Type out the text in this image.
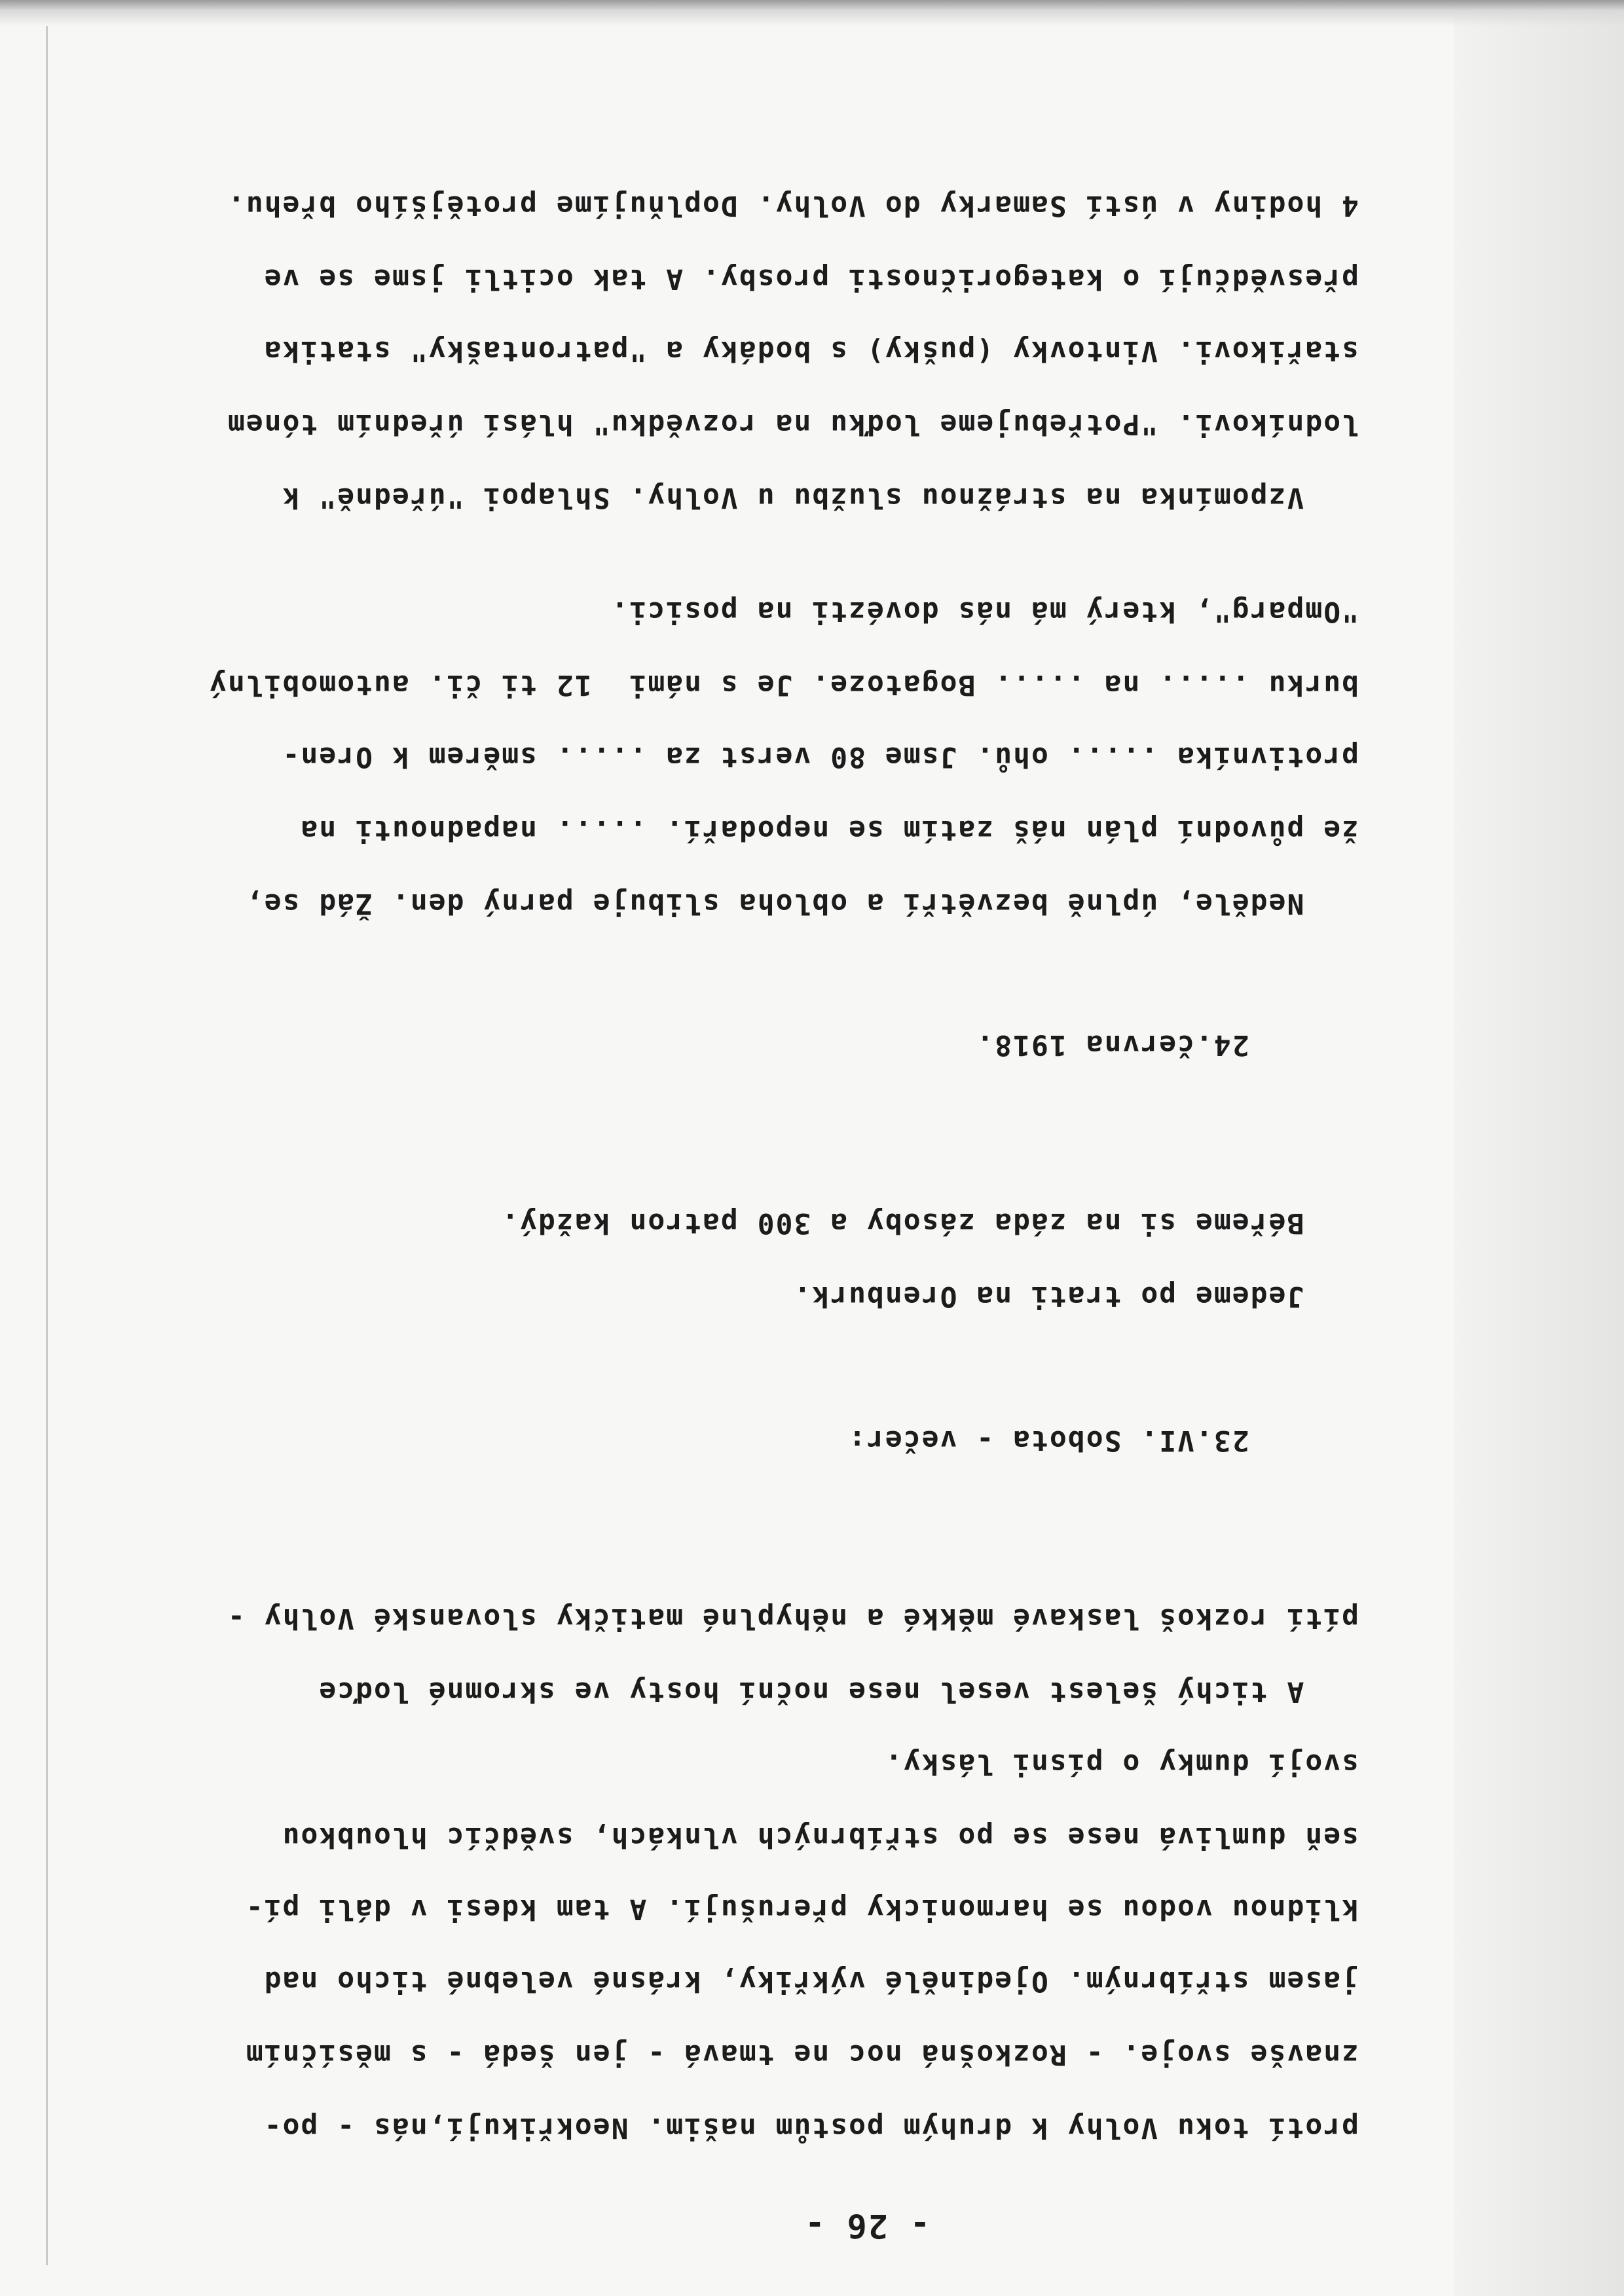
- 26 -

protí toku Volhy k druhým postům našim. Neokřikují,nás - po-

znavše svoje. - Rozkošná noc ne tmavá - jen šedá - s měsíčním

jasem stříbrným. Ojedinělé výkřiky, krásné velebné ticho nad

klidnou vodou se harmonicky přerušují. A tam kdesi v dáli pí-

seň dumlivá nese se po stříbrných vlnkách, svědčíc hloubkou

svojí dumky o písni lásky.

A tichý šelest vesel nese noční hosty ve skromné loďce

pítí rozkoš laskavé měkké a něhyplné matičky slovanské Volhy -

23.VI. Sobota - večer:

Jedeme po trati na Orenburk.

Béřeme si na záda zásoby a 300 patron každý.

24.června 1918.

Neděle, úplně bezvětří a obloha slibuje parný den. Žád se,

že původní plán náš zatím se nepodaří. ..... napadnouti na

protivníka ..... ohů. Jsme 80 verst za ..... směrem k Oren-

burku ..... na ..... Bogatoze. Je s námi  12 ti či. automobilný

"Omparg", který má nás dovézti na posici.

Vzpomínka na strážnou službu u Volhy. Shlapoi "úředně" k

lodníkovi. "Potřebujeme loďku na rozvědku" hlásí úředním tónem

stařikovi. Vintovky (pušky) s bodáky a "patrontašky" statika

přesvědčují o kategoričnosti prosby. A tak ocitli jsme se ve

4 hodiny v ústí Samarky do Volhy. Doplňujíme protějšího břehu.
